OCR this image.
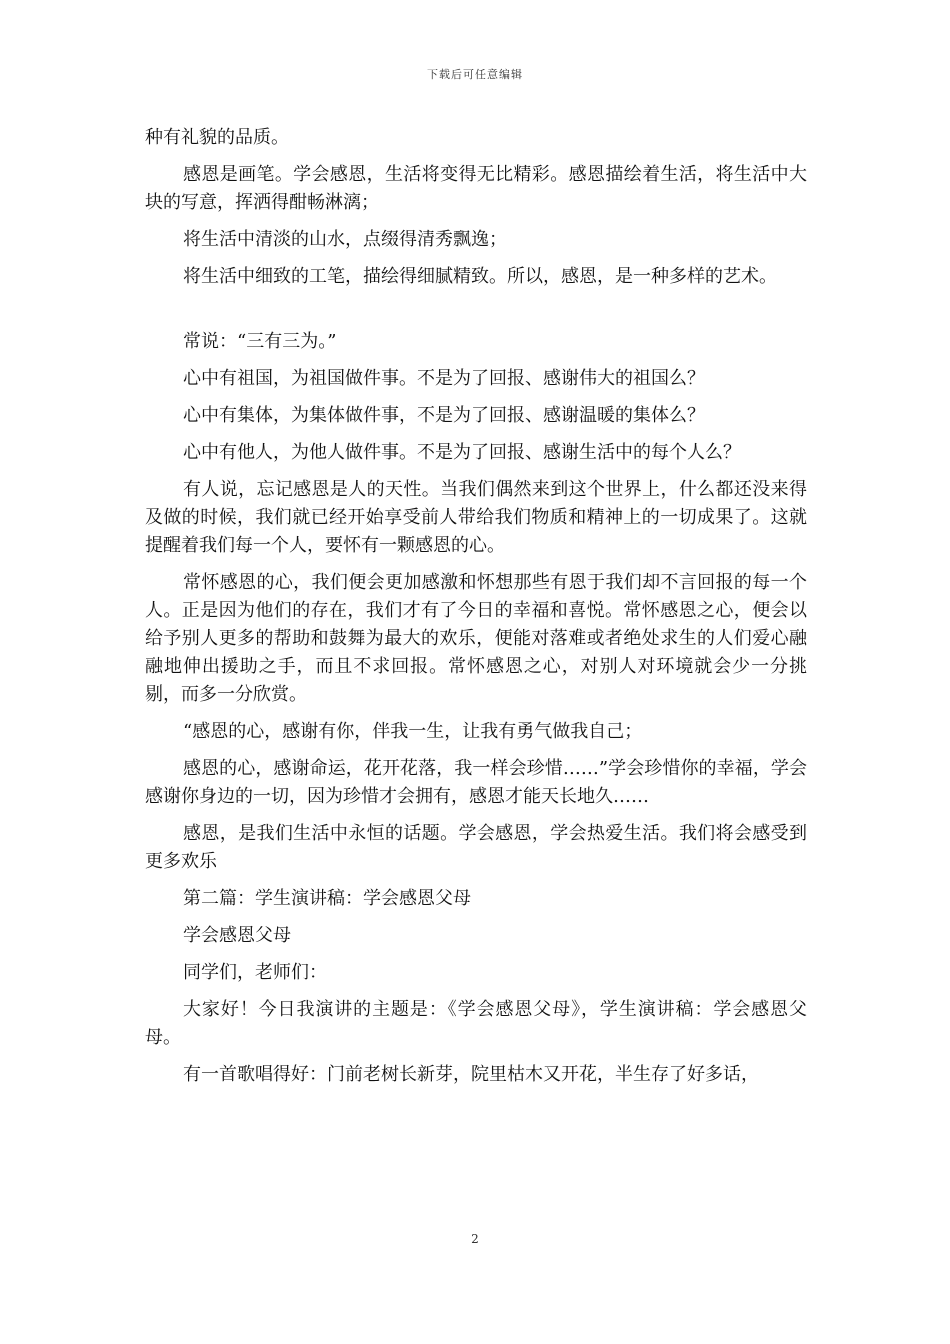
下载后可任意编辑

种有礼貌的品质。

感恩是画笔。学会感恩，生活将变得无比精彩。感恩描绘着生活，将生活中大块的写意，挥洒得酣畅淋漓；

将生活中清淡的山水，点缀得清秀飘逸；

将生活中细致的工笔，描绘得细腻精致。所以，感恩，是一种多样的艺术。

常说：“三有三为。”

心中有祖国，为祖国做件事。不是为了回报、感谢伟大的祖国么？

心中有集体，为集体做件事，不是为了回报、感谢温暖的集体么？

心中有他人，为他人做件事。不是为了回报、感谢生活中的每个人么？

有人说，忘记感恩是人的天性。当我们偶然来到这个世界上，什么都还没来得及做的时候，我们就已经开始享受前人带给我们物质和精神上的一切成果了。这就提醒着我们每一个人，要怀有一颗感恩的心。

常怀感恩的心，我们便会更加感激和怀想那些有恩于我们却不言回报的每一个人。正是因为他们的存在，我们才有了今日的幸福和喜悦。常怀感恩之心，便会以给予别人更多的帮助和鼓舞为最大的欢乐，便能对落难或者绝处求生的人们爱心融融地伸出援助之手，而且不求回报。常怀感恩之心，对别人对环境就会少一分挑剔，而多一分欣赏。

“感恩的心，感谢有你，伴我一生，让我有勇气做我自己；

感恩的心，感谢命运，花开花落，我一样会珍惜……”学会珍惜你的幸福，学会感谢你身边的一切，因为珍惜才会拥有，感恩才能天长地久……

感恩，是我们生活中永恒的话题。学会感恩，学会热爱生活。我们将会感受到更多欢乐

第二篇：学生演讲稿：学会感恩父母

学会感恩父母

同学们，老师们：

大家好！今日我演讲的主题是：《学会感恩父母》，学生演讲稿：学会感恩父母。

有一首歌唱得好：门前老树长新芽，院里枯木又开花，半生存了好多话，

2
